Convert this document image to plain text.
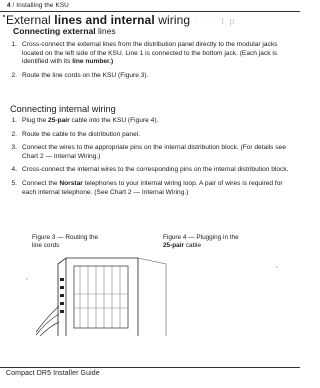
4 / Installing the KSU
External lines and internal wiring · · · t p
Connecting external lines
1. Cross-connect the external lines from the distribution panel directly to the modular jacks located on the left side of the KSU. Line 1 is connected to the bottom jack. (Each jack is identified with its line number.)
2. Route the line cords on the KSU (Figure 3).
Connecting internal wiring
1. Plug the 25-pair cable into the KSU (Figure 4).
2. Route the cable to the distribution panel.
3. Connect the wires to the appropriate pins on the internal distribution block. (For details see Chart 2 — Internal Wiring.)
4. Cross-connect the internal wires to the corresponding pins on the internal distribution block.
5. Connect the Norstar telephones to your internal wiring loop. A pair of wires is required for each internal telephone. (See Chart 2 — Internal Wiring.)
Figure 3 — Routing the
line cords
Figure 4 — Plugging in the
25-pair cable
Compact DR5 Installer Guide
